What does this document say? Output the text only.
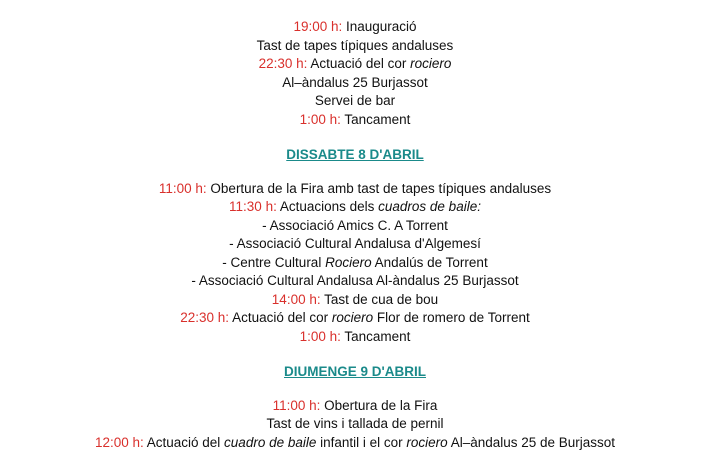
19:00 h: Inauguració
Tast de tapes típiques andaluses
22:30 h: Actuació del cor rociero
Al–àndalus 25 Burjassot
Servei de bar
1:00 h: Tancament
DISSABTE 8 D'ABRIL
11:00 h: Obertura de la Fira amb tast de tapes típiques andaluses
11:30 h: Actuacions dels cuadros de baile:
- Associació Amics C. A Torrent
- Associació Cultural Andalusa d'Algemesí
- Centre Cultural Rociero Andalús de Torrent
- Associació Cultural Andalusa Al-àndalus 25 Burjassot
14:00 h: Tast de cua de bou
22:30 h: Actuació del cor rociero Flor de romero de Torrent
1:00 h: Tancament
DIUMENGE 9 D'ABRIL
11:00 h: Obertura de la Fira
Tast de vins i tallada de pernil
12:00 h: Actuació del cuadro de baile infantil i el cor rociero Al–àndalus 25 de Burjassot
